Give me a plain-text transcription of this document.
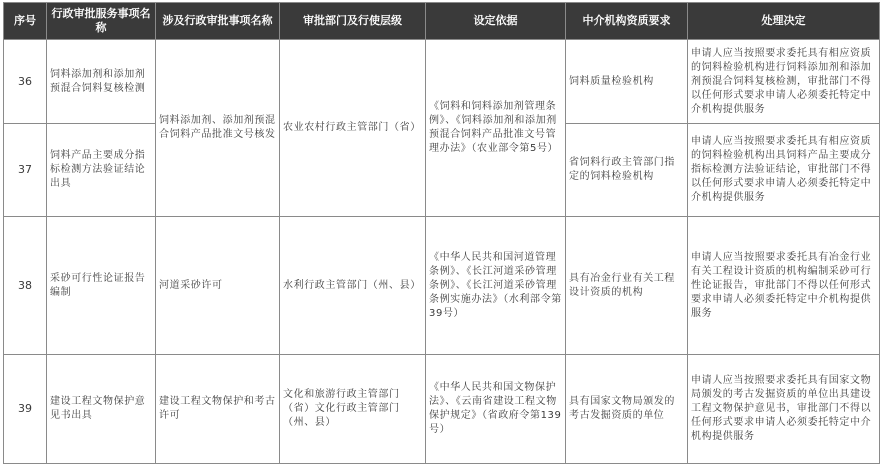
序号	行政审批服务事项名称	涉及行政审批事项名称	审批部门及行使层级	设定依据	中介机构资质要求	处理决定
36	饲料添加剂和添加剂预混合饲料复核检测	饲料添加剂、添加剂预混合饲料产品批准文号核发	农业农村行政主管部门（省）	《饲料和饲料添加剂管理条例》、《饲料添加剂和添加剂预混合饲料产品批准文号管理办法》（农业部令第5号）	饲料质量检验机构	申请人应当按照要求委托具有相应资质的饲料检验机构进行饲料添加剂和添加剂预混合饲料复核检测，审批部门不得以任何形式要求申请人必须委托特定中介机构提供服务
37	饲料产品主要成分指标检测方法验证结论出具				省饲料行政主管部门指定的饲料检验机构	申请人应当按照要求委托具有相应资质的饲料检验机构出具饲料产品主要成分指标检测方法验证结论，审批部门不得以任何形式要求申请人必须委托特定中介机构提供服务
38	采砂可行性论证报告编制	河道采砂许可	水利行政主管部门（州、县）	《中华人民共和国河道管理条例》、《长江河道采砂管理条例》、《长江河道采砂管理条例实施办法》（水利部令第39号）	具有冶金行业有关工程设计资质的机构	申请人应当按照要求委托具有冶金行业有关工程设计资质的机构编制采砂可行性论证报告，审批部门不得以任何形式要求申请人必须委托特定中介机构提供服务
39	建设工程文物保护意见书出具	建设工程文物保护和考古许可	文化和旅游行政主管部门（省）文化行政主管部门（州、县）	《中华人民共和国文物保护法》、《云南省建设工程文物保护规定》（省政府令第139号）	具有国家文物局颁发的考古发掘资质的单位	申请人应当按照要求委托具有国家文物局颁发的考古发掘资质的单位出具建设工程文物保护意见书，审批部门不得以任何形式要求申请人必须委托特定中介机构提供服务
